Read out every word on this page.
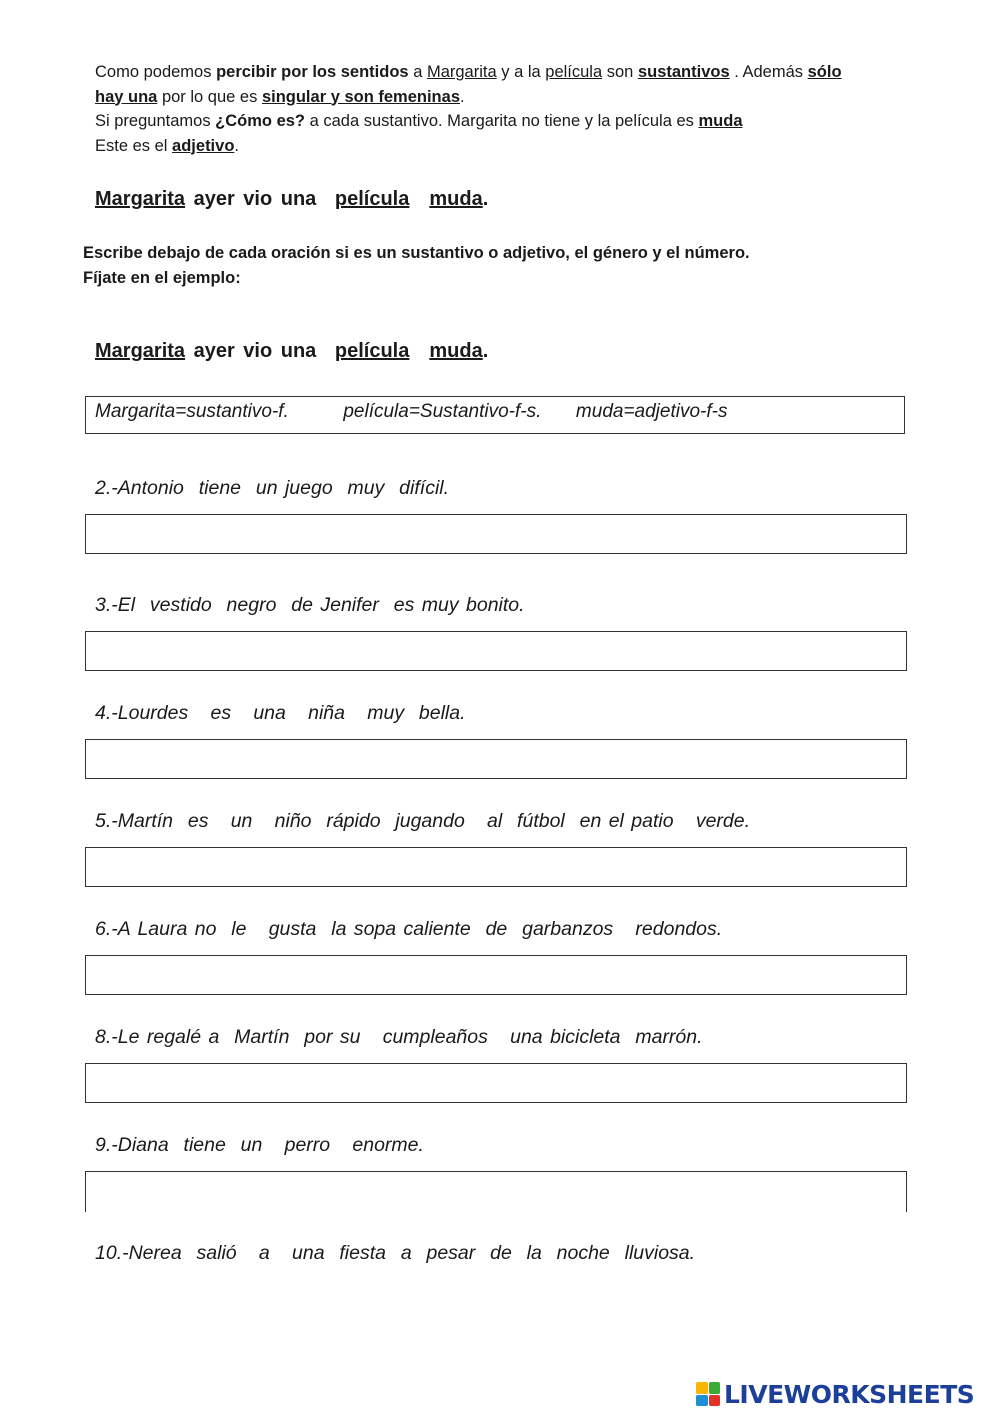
Como podemos percibir por los sentidos a Margarita y a la película son sustantivos . Además sólo

hay una por lo que es singular y son femeninas.

Si preguntamos ¿Cómo es? a cada sustantivo. Margarita no tiene y la película es muda

Este es el adjetivo.

Margarita ayer vio una película muda.

Escribe debajo de cada oración si es un sustantivo o adjetivo, el género y el número.

Fíjate en el ejemplo:

Margarita ayer vio una película muda.
Margarita=sustantivo-f.	película=Sustantivo-f-s. muda=adjetivo-f-s
2.-Antonio  tiene  un juego  muy  difícil.
3.-El  vestido  negro  de Jenifer  es muy bonito.
4.-Lourdes   es   una   niña   muy  bella.
5.-Martín  es   un   niño  rápido  jugando   al  fútbol  en el patio   verde.
6.-A Laura no  le   gusta  la sopa caliente  de  garbanzos   redondos.
8.-Le regalé a  Martín  por su   cumpleaños   una bicicleta  marrón.
9.-Diana  tiene  un   perro   enorme.
10.-Nerea  salió   a   una  fiesta  a  pesar  de  la  noche  lluviosa.
LIVEWORKSHEETS
